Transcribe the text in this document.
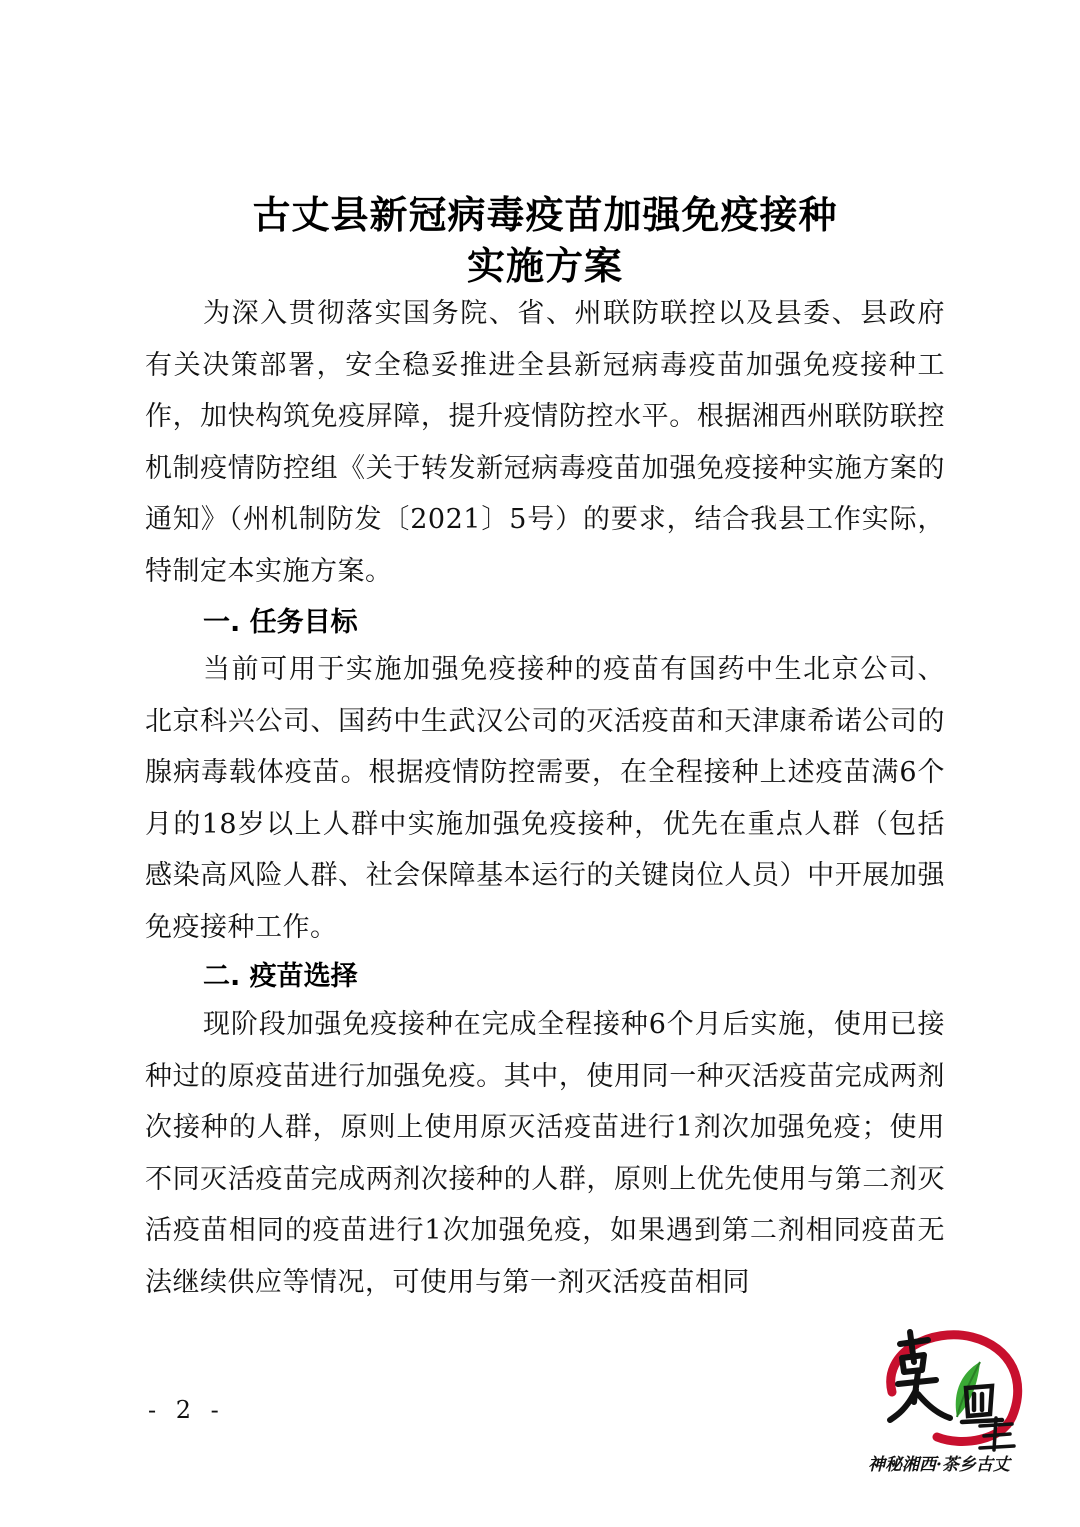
古丈县新冠病毒疫苗加强免疫接种
实施方案

为深入贯彻落实国务院、省、州联防联控以及县委、县政府有关决策部署，安全稳妥推进全县新冠病毒疫苗加强免疫接种工作，加快构筑免疫屏障，提升疫情防控水平。根据湘西州联防联控机制疫情防控组《关于转发新冠病毒疫苗加强免疫接种实施方案的通知》（州机制防发〔2021〕5号）的要求，结合我县工作实际，特制定本实施方案。

一. 任务目标

当前可用于实施加强免疫接种的疫苗有国药中生北京公司、北京科兴公司、国药中生武汉公司的灭活疫苗和天津康希诺公司的腺病毒载体疫苗。根据疫情防控需要，在全程接种上述疫苗满6个月的18岁以上人群中实施加强免疫接种，优先在重点人群（包括感染高风险人群、社会保障基本运行的关键岗位人员）中开展加强免疫接种工作。

二. 疫苗选择

现阶段加强免疫接种在完成全程接种6个月后实施，使用已接种过的原疫苗进行加强免疫。其中，使用同一种灭活疫苗完成两剂次接种的人群，原则上使用原灭活疫苗进行1剂次加强免疫；使用不同灭活疫苗完成两剂次接种的人群，原则上优先使用与第二剂灭活疫苗相同的疫苗进行1次加强免疫，如果遇到第二剂相同疫苗无法继续供应等情况，可使用与第一剂灭活疫苗相同

- 2 -
神秘湘西·茶乡古丈
